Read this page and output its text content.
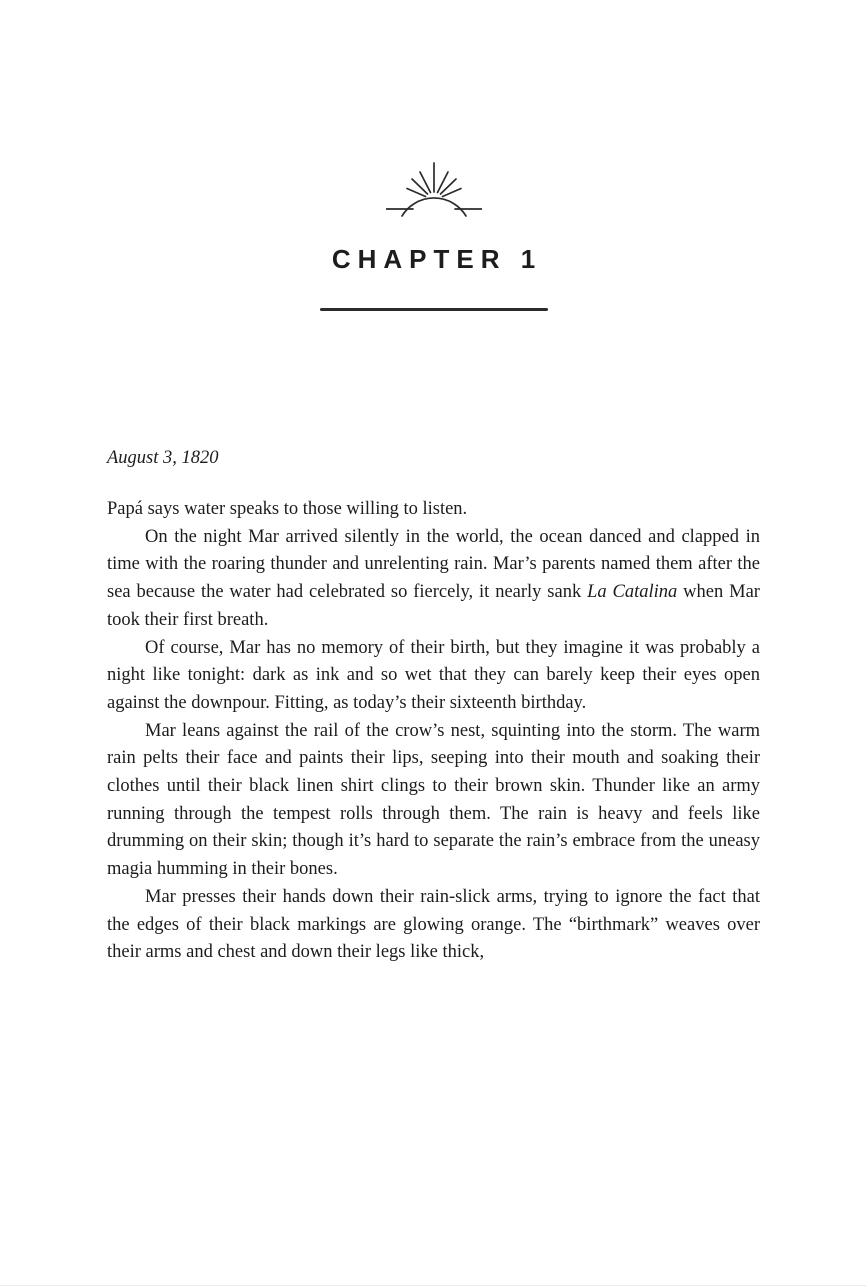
CHAPTER 1
August 3, 1820

Papá says water speaks to those willing to listen.

On the night Mar arrived silently in the world, the ocean danced and clapped in time with the roaring thunder and unrelenting rain. Mar’s parents named them after the sea because the water had celebrated so fiercely, it nearly sank La Catalina when Mar took their first breath.

Of course, Mar has no memory of their birth, but they imagine it was probably a night like tonight: dark as ink and so wet that they can barely keep their eyes open against the downpour. Fitting, as today’s their sixteenth birthday.

Mar leans against the rail of the crow’s nest, squinting into the storm. The warm rain pelts their face and paints their lips, seeping into their mouth and soaking their clothes until their black linen shirt clings to their brown skin. Thunder like an army running through the tempest rolls through them. The rain is heavy and feels like drumming on their skin; though it’s hard to separate the rain’s embrace from the uneasy magia humming in their bones.

Mar presses their hands down their rain-slick arms, trying to ignore the fact that the edges of their black markings are glowing orange. The “birthmark” weaves over their arms and chest and down their legs like thick,
